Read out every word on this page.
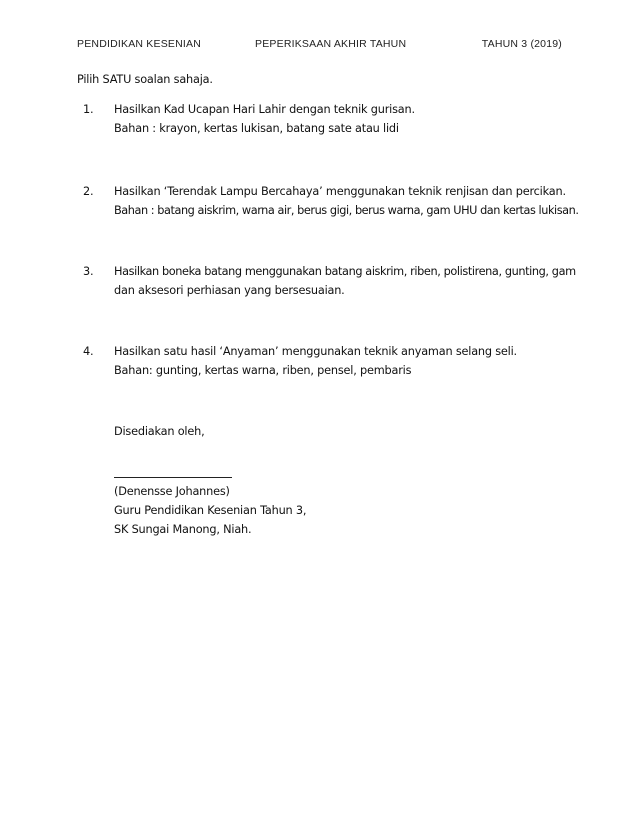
PENDIDIKAN KESENIAN	PEPERIKSAAN AKHIR TAHUN	TAHUN 3 (2019)

Pilih SATU soalan sahaja.

1.	Hasilkan Kad Ucapan Hari Lahir dengan teknik gurisan.
Bahan : krayon, kertas lukisan, batang sate atau lidi
2.	Hasilkan ‘Terendak Lampu Bercahaya’ menggunakan teknik renjisan dan percikan.
Bahan : batang aiskrim, warna air, berus gigi, berus warna, gam UHU dan kertas lukisan.
3.	Hasilkan boneka batang menggunakan batang aiskrim, riben, polistirena, gunting, gam
dan aksesori perhiasan yang bersesuaian.
4.	Hasilkan satu hasil ‘Anyaman’ menggunakan teknik anyaman selang seli.
Bahan: gunting, kertas warna, riben, pensel, pembaris
Disediakan oleh,
(Denensse Johannes)
Guru Pendidikan Kesenian Tahun 3,
SK Sungai Manong, Niah.
